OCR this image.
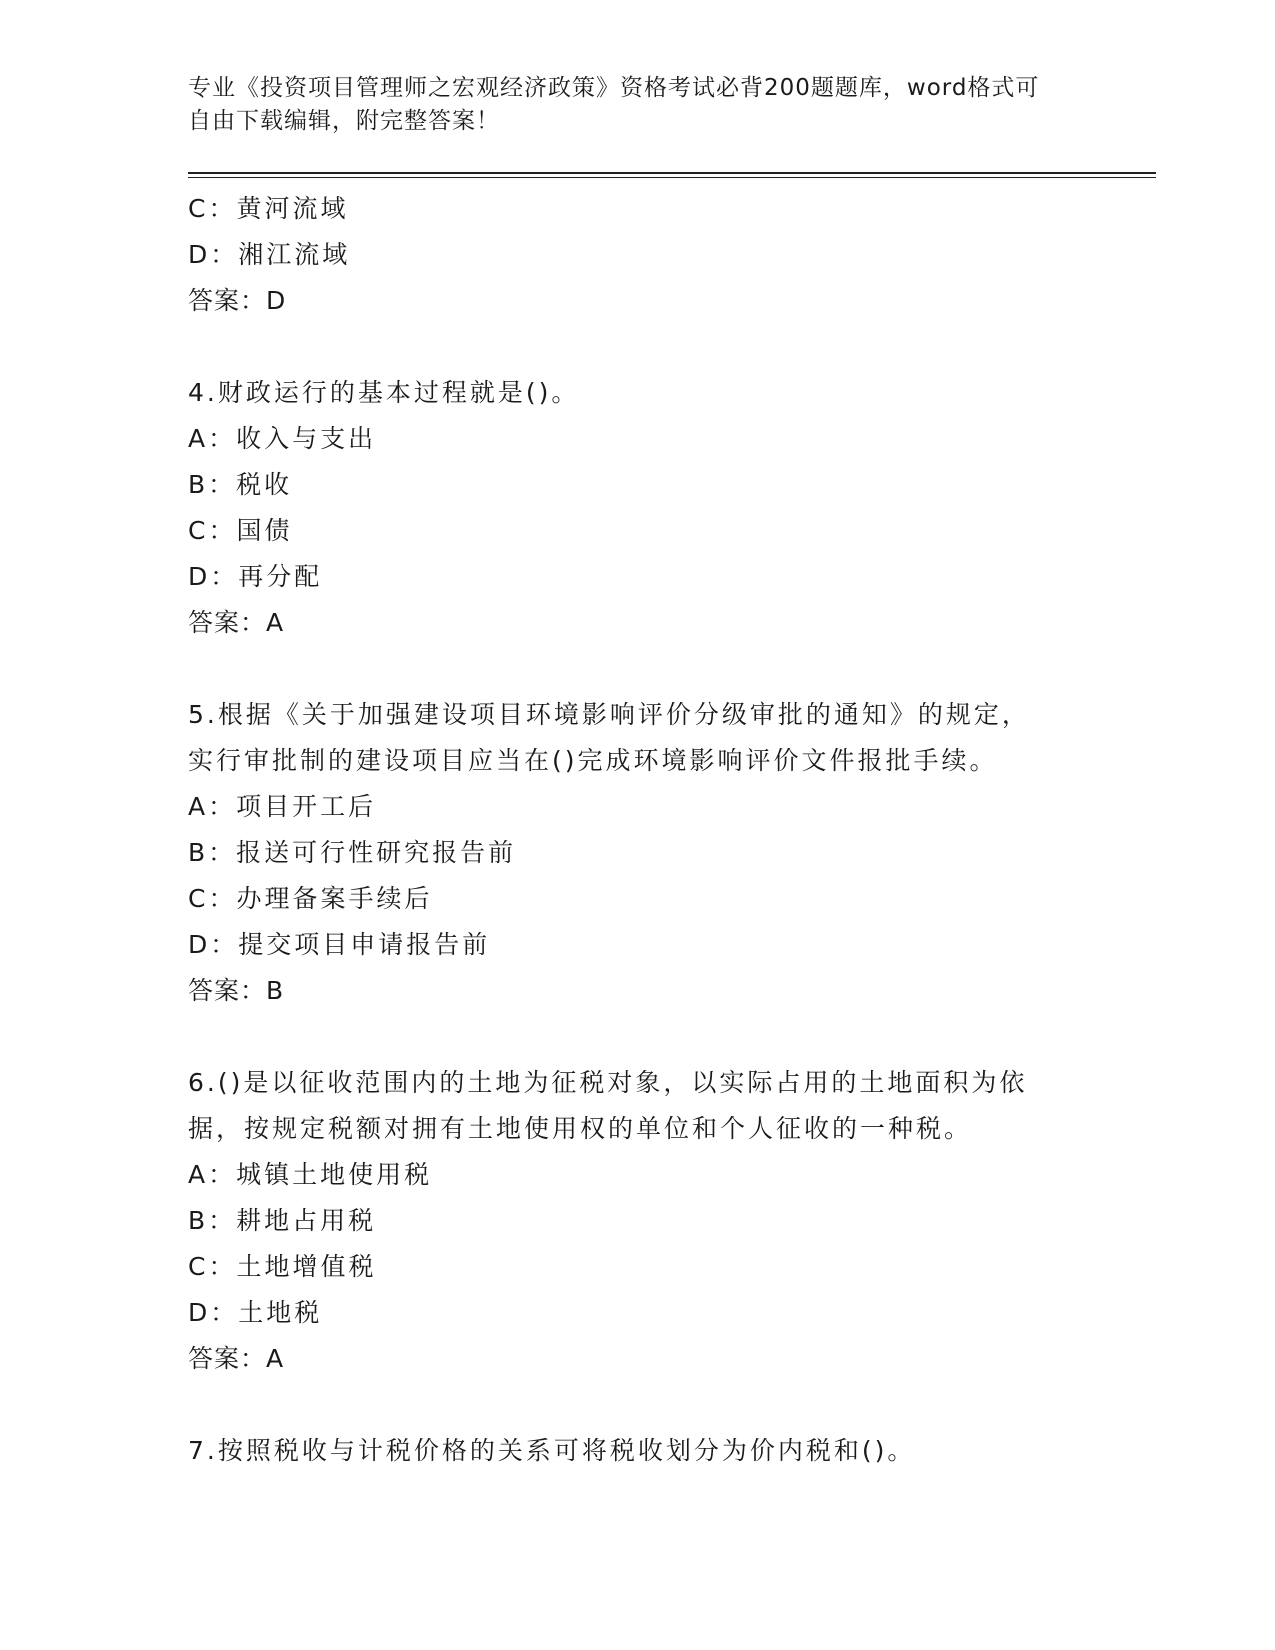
专业《投资项目管理师之宏观经济政策》资格考试必背200题题库，word格式可
自由下载编辑，附完整答案！
C：黄河流域
D：湘江流域
答案：D
4.财政运行的基本过程就是()。
A：收入与支出
B：税收
C：国债
D：再分配
答案：A
5.根据《关于加强建设项目环境影响评价分级审批的通知》的规定，
实行审批制的建设项目应当在()完成环境影响评价文件报批手续。
A：项目开工后
B：报送可行性研究报告前
C：办理备案手续后
D：提交项目申请报告前
答案：B
6.()是以征收范围内的土地为征税对象，以实际占用的土地面积为依
据，按规定税额对拥有土地使用权的单位和个人征收的一种税。
A：城镇土地使用税
B：耕地占用税
C：土地增值税
D：土地税
答案：A
7.按照税收与计税价格的关系可将税收划分为价内税和()。
